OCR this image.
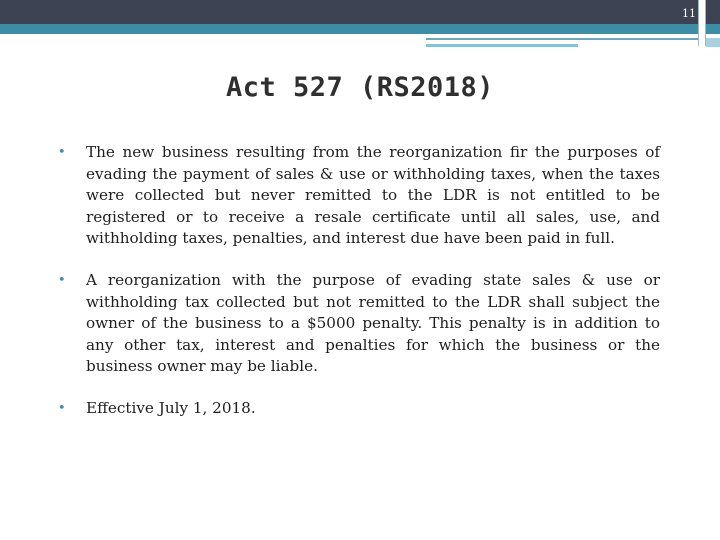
11
Act 527 (RS2018)
• The new business resulting from the reorganization fir the purposes of evading the payment of sales & use or withholding taxes, when the taxes were collected but never remitted to the LDR is not entitled to be registered or to receive a resale certificate until all sales, use, and withholding taxes, penalties, and interest due have been paid in full.
• A reorganization with the purpose of evading state sales & use or withholding tax collected but not remitted to the LDR shall subject the owner of the business to a $5000 penalty. This penalty is in addition to any other tax, interest and penalties for which the business or the business owner may be liable.
• Effective July 1, 2018.
